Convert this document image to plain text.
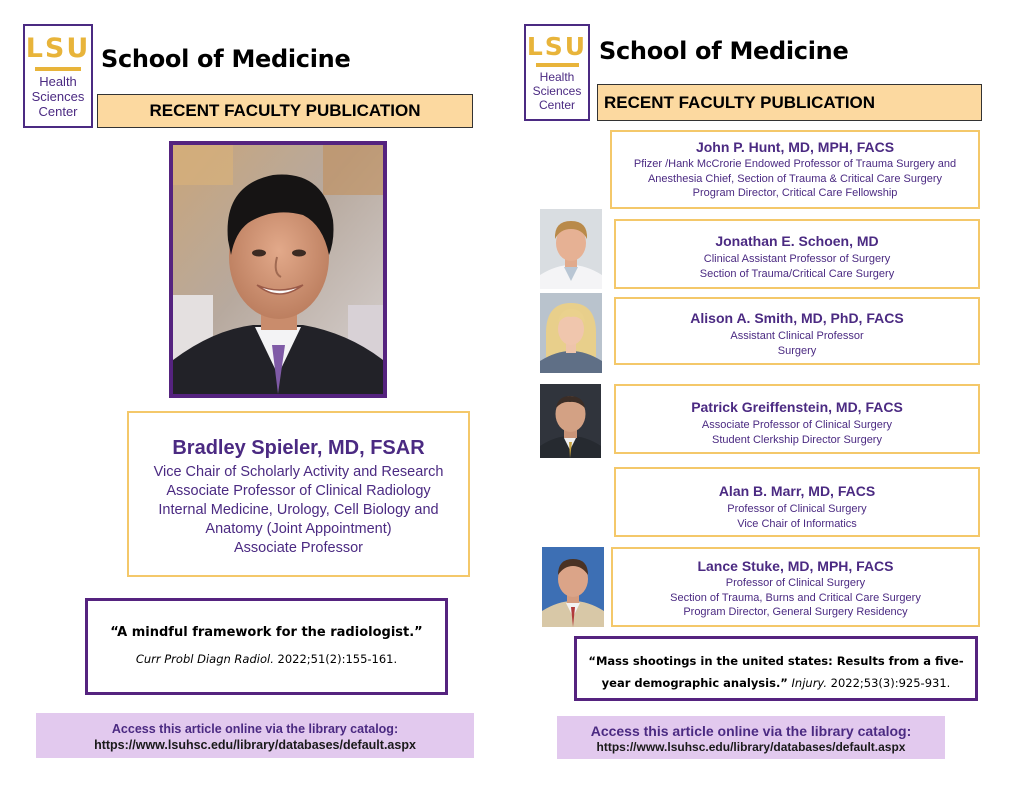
LSU
Health
Sciences
Center
School of Medicine
RECENT FACULTY PUBLICATION
Bradley Spieler, MD, FSAR
Vice Chair of Scholarly Activity and Research
Associate Professor of Clinical Radiology
Internal Medicine, Urology, Cell Biology and
Anatomy (Joint Appointment)
Associate Professor
“A mindful framework for the radiologist.”
Curr Probl Diagn Radiol. 2022;51(2):155-161.
Access this article online via the library catalog:
https://www.lsuhsc.edu/library/databases/default.aspx
LSU
Health
Sciences
Center
School of Medicine
RECENT FACULTY PUBLICATION
John P. Hunt, MD, MPH, FACS
Pfizer /Hank McCrorie Endowed Professor of Trauma Surgery and
Anesthesia Chief, Section of Trauma & Critical Care Surgery
Program Director, Critical Care Fellowship
Jonathan E. Schoen, MD
Clinical Assistant Professor of Surgery
Section of Trauma/Critical Care Surgery
Alison A. Smith, MD, PhD, FACS
Assistant Clinical Professor
Surgery
Patrick Greiffenstein, MD, FACS
Associate Professor of Clinical Surgery
Student Clerkship Director Surgery
Alan B. Marr, MD, FACS
Professor of Clinical Surgery
Vice Chair of Informatics
Lance Stuke, MD, MPH, FACS
Professor of Clinical Surgery
Section of Trauma, Burns and Critical Care Surgery
Program Director, General Surgery Residency
“Mass shootings in the united states: Results from a five-
year demographic analysis.” Injury. 2022;53(3):925-931.
Access this article online via the library catalog:
https://www.lsuhsc.edu/library/databases/default.aspx
